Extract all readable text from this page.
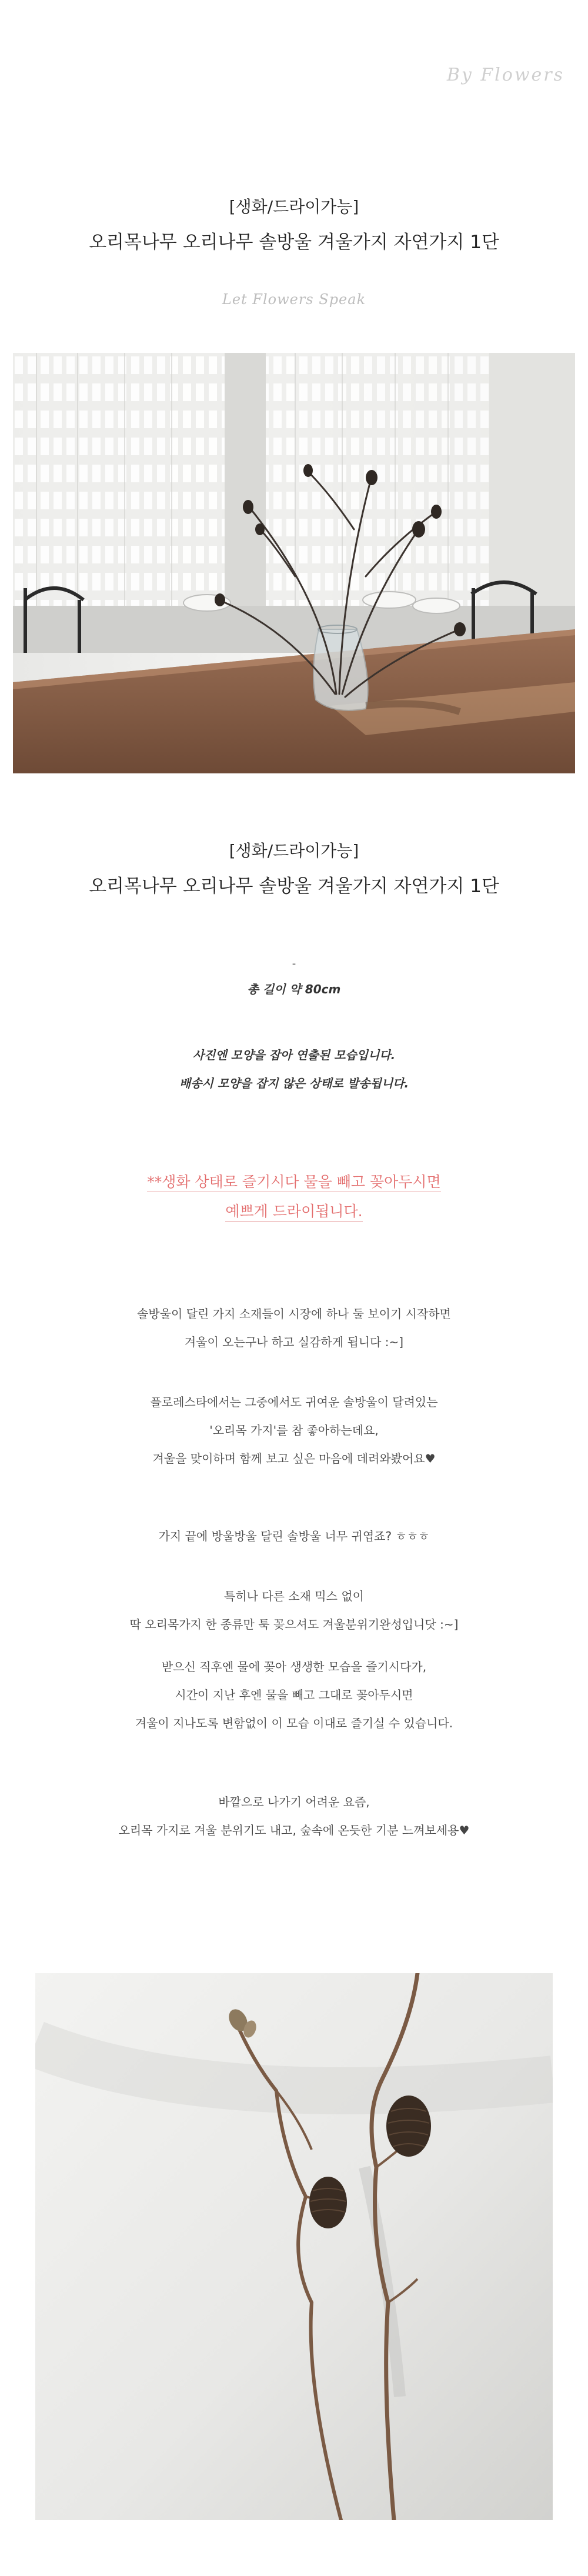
By Flowers
[생화/드라이가능]
오리목나무 오리나무 솔방울 겨울가지 자연가지 1단
Let Flowers Speak
[생화/드라이가능]
오리목나무 오리나무 솔방울 겨울가지 자연가지 1단
-
총 길이 약 80cm
사진엔 모양을 잡아 연출된 모습입니다.
배송시 모양을 잡지 않은 상태로 발송됩니다.
**생화 상태로 즐기시다 물을 빼고 꽂아두시면
예쁘게 드라이됩니다.
솔방울이 달린 가지 소재들이 시장에 하나 둘 보이기 시작하면
겨울이 오는구나 하고 실감하게 됩니다 :~]
플로레스타에서는 그중에서도 귀여운 솔방울이 달려있는
'오리목 가지'를 참 좋아하는데요,
겨울을 맞이하며 함께 보고 싶은 마음에 데려와봤어요♥
가지 끝에 방울방울 달린 솔방울 너무 귀엽죠? ㅎㅎㅎ
특히나 다른 소재 믹스 없이
딱 오리목가지 한 종류만 툭 꽂으셔도 겨울분위기완성입니닷 :~]
받으신 직후엔 물에 꽂아 생생한 모습을 즐기시다가,
시간이 지난 후엔 물을 빼고 그대로 꽂아두시면
겨울이 지나도록 변함없이 이 모습 이대로 즐기실 수 있습니다.
바깥으로 나가기 어려운 요즘,
오리목 가지로 겨울 분위기도 내고, 숲속에 온듯한 기분 느껴보세용♥
